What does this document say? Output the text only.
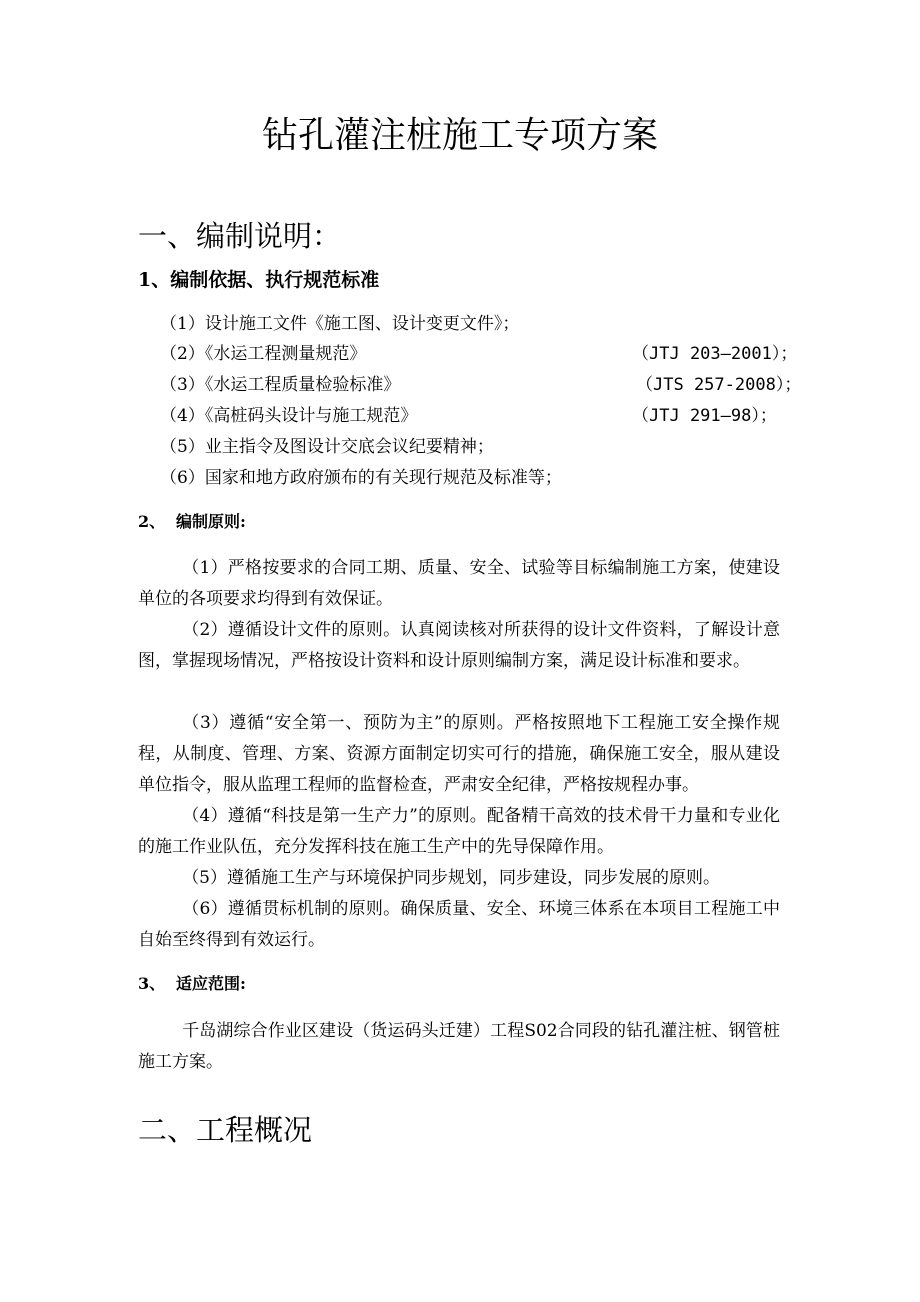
钻孔灌注桩施工专项方案
一、编制说明：
1、编制依据、执行规范标准
（1）设计施工文件《施工图、设计变更文件》；
（2）《水运工程测量规范》	（JTJ 203—2001）；
（3）《水运工程质量检验标准》	（JTS 257-2008）；
（4）《高桩码头设计与施工规范》	（JTJ 291—98）；
（5）业主指令及图设计交底会议纪要精神；
（6）国家和地方政府颁布的有关现行规范及标准等；
2、 编制原则:

（1）严格按要求的合同工期、质量、安全、试验等目标编制施工方案，使建设单位的各项要求均得到有效保证。

（2）遵循设计文件的原则。认真阅读核对所获得的设计文件资料，了解设计意图，掌握现场情况，严格按设计资料和设计原则编制方案，满足设计标准和要求。

（3）遵循“安全第一、预防为主”的原则。严格按照地下工程施工安全操作规程，从制度、管理、方案、资源方面制定切实可行的措施，确保施工安全，服从建设单位指令，服从监理工程师的监督检查，严肃安全纪律，严格按规程办事。

（4）遵循“科技是第一生产力”的原则。配备精干高效的技术骨干力量和专业化的施工作业队伍，充分发挥科技在施工生产中的先导保障作用。

（5）遵循施工生产与环境保护同步规划，同步建设，同步发展的原则。

（6）遵循贯标机制的原则。确保质量、安全、环境三体系在本项目工程施工中自始至终得到有效运行。

3、 适应范围:

千岛湖综合作业区建设（货运码头迁建）工程S02合同段的钻孔灌注桩、钢管桩施工方案。

二、工程概况
